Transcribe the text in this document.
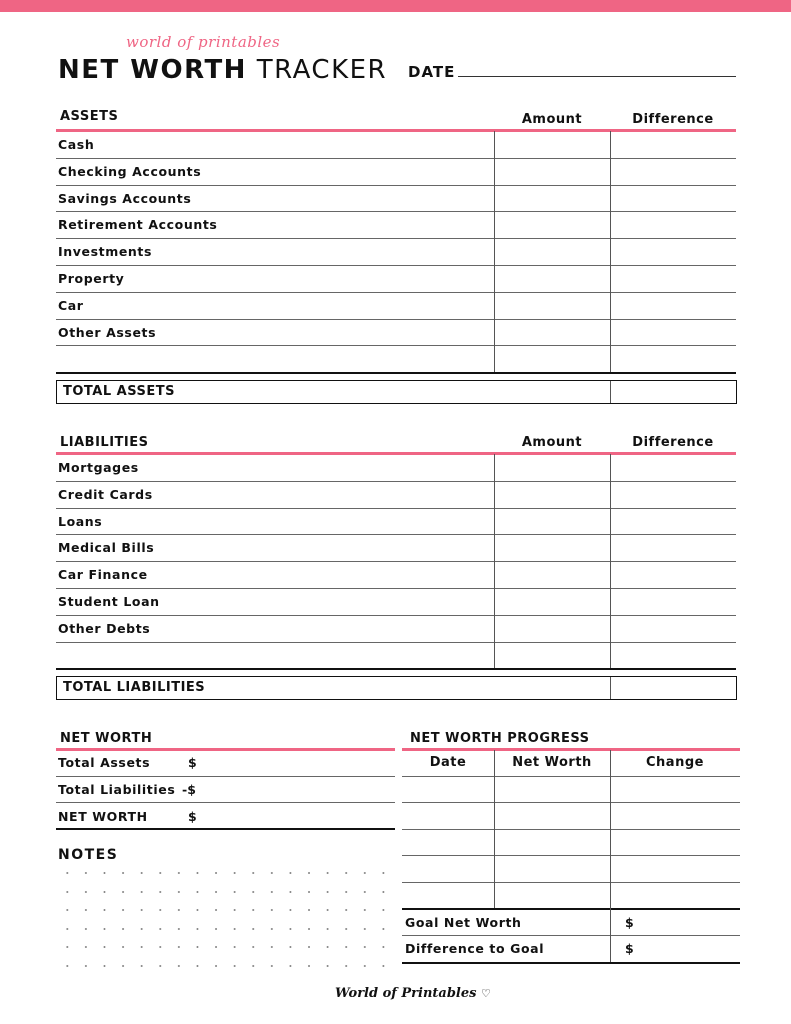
world of printables
NET WORTH TRACKER DATE
ASSETS	Amount	Difference
Cash
Checking Accounts
Savings Accounts
Retirement Accounts
Investments
Property
Car
Other Assets
TOTAL ASSETS
LIABILITIES	Amount	Difference
Mortgages
Credit Cards
Loans
Medical Bills
Car Finance
Student Loan
Other Debts
TOTAL LIABILITIES
NET WORTH
Total Assets	$
Total Liabilities -$
NET WORTH	$
NOTES
NET WORTH PROGRESS
Date	Net Worth	Change
Goal Net Worth	$
Difference to Goal	$
World of Printables ♡
